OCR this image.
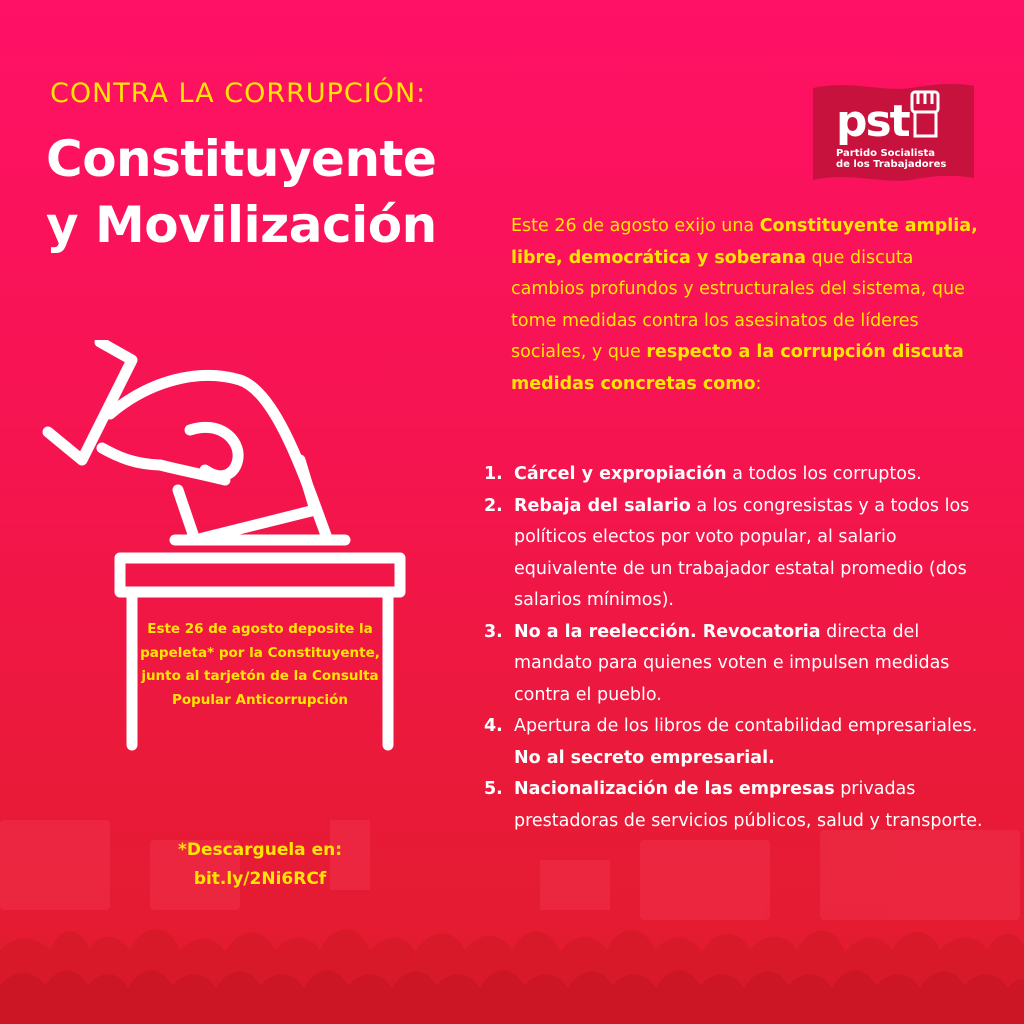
CONTRA LA CORRUPCIÓN:
Constituyente
y Movilización
pst
Partido Socialista
de los Trabajadores
Este 26 de agosto exijo una Constituyente amplia, libre, democrática y soberana que discuta cambios profundos y estructurales del sistema, que tome medidas contra los asesinatos de líderes sociales, y que respecto a la corrupción discuta medidas concretas como:
1. Cárcel y expropiación a todos los corruptos.
2. Rebaja del salario a los congresistas y a todos los políticos electos por voto popular, al salario equivalente de un trabajador estatal promedio (dos salarios mínimos).
3. No a la reelección. Revocatoria directa del mandato para quienes voten e impulsen medidas contra el pueblo.
4. Apertura de los libros de contabilidad empresariales. No al secreto empresarial.
5. Nacionalización de las empresas privadas prestadoras de servicios públicos, salud y transporte.
Este 26 de agosto deposite la papeleta* por la Constituyente, junto al tarjetón de la Consulta Popular Anticorrupción
*Descarguela en:
bit.ly/2Ni6RCf
